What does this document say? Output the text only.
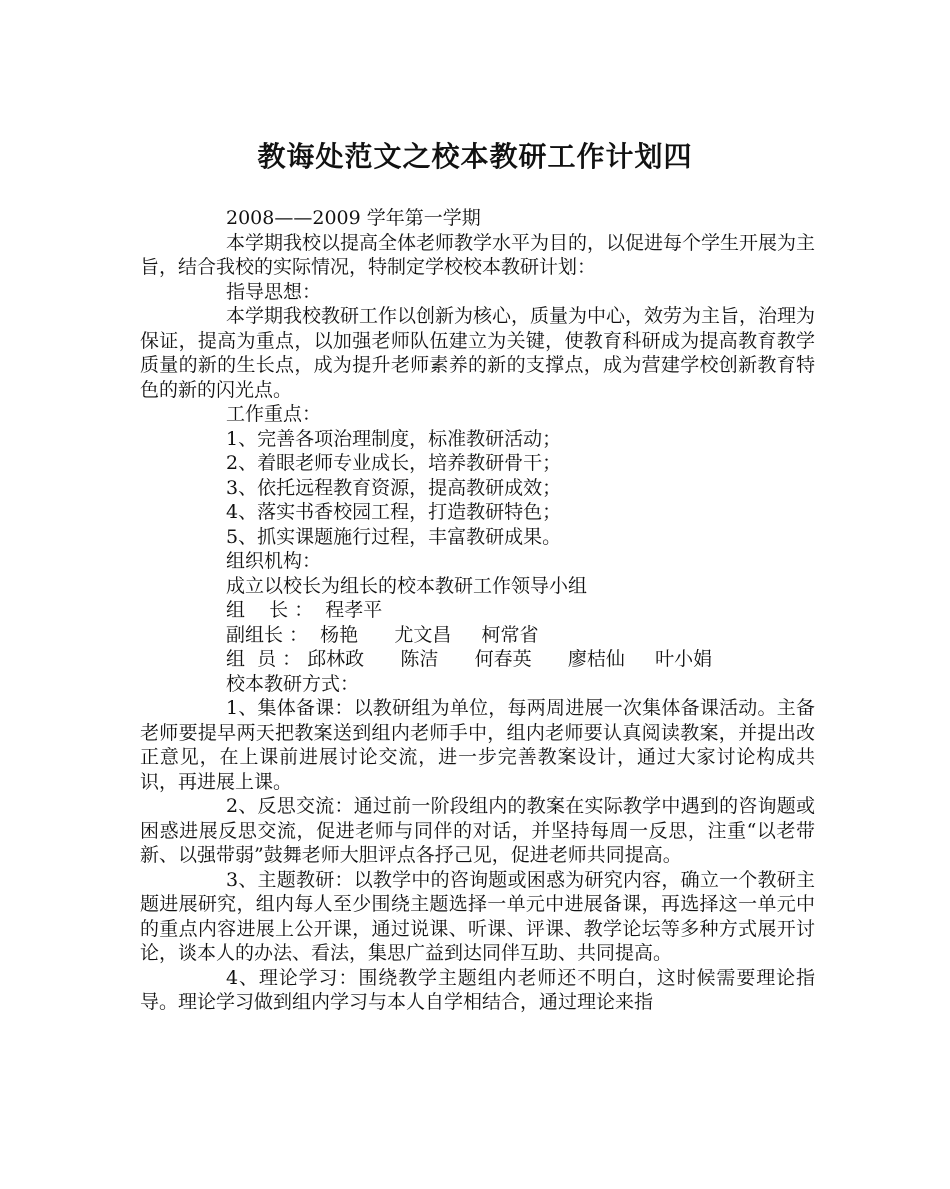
教诲处范文之校本教研工作计划四

2008——2009 学年第一学期

本学期我校以提高全体老师教学水平为目的，以促进每个学生开展为主旨，结合我校的实际情况，特制定学校校本教研计划：

指导思想：

本学期我校教研工作以创新为核心，质量为中心，效劳为主旨，治理为保证，提高为重点，以加强老师队伍建立为关键，使教育科研成为提高教育教学质量的新的生长点，成为提升老师素养的新的支撑点，成为营建学校创新教育特色的新的闪光点。

工作重点：

1、完善各项治理制度，标准教研活动；

2、着眼老师专业成长，培养教研骨干；

3、依托远程教育资源，提高教研成效；

4、落实书香校园工程，打造教研特色；

5、抓实课题施行过程，丰富教研成果。

组织机构：

成立以校长为组长的校本教研工作领导小组

组    长 ：  程孝平

副组长 ：  杨艳      尤文昌     柯常省

组  员 ： 邱林政      陈洁      何春英      廖桔仙     叶小娟

校本教研方式：

1、集体备课：以教研组为单位，每两周进展一次集体备课活动。主备老师要提早两天把教案送到组内老师手中，组内老师要认真阅读教案，并提出改正意见，在上课前进展讨论交流，进一步完善教案设计，通过大家讨论构成共识，再进展上课。

2、反思交流：通过前一阶段组内的教案在实际教学中遇到的咨询题或困惑进展反思交流，促进老师与同伴的对话，并坚持每周一反思，注重“以老带新、以强带弱”鼓舞老师大胆评点各抒己见，促进老师共同提高。

3、主题教研：以教学中的咨询题或困惑为研究内容，确立一个教研主题进展研究，组内每人至少围绕主题选择一单元中进展备课，再选择这一单元中的重点内容进展上公开课，通过说课、听课、评课、教学论坛等多种方式展开讨论，谈本人的办法、看法，集思广益到达同伴互助、共同提高。

4、理论学习：围绕教学主题组内老师还不明白，这时候需要理论指导。理论学习做到组内学习与本人自学相结合，通过理论来指
